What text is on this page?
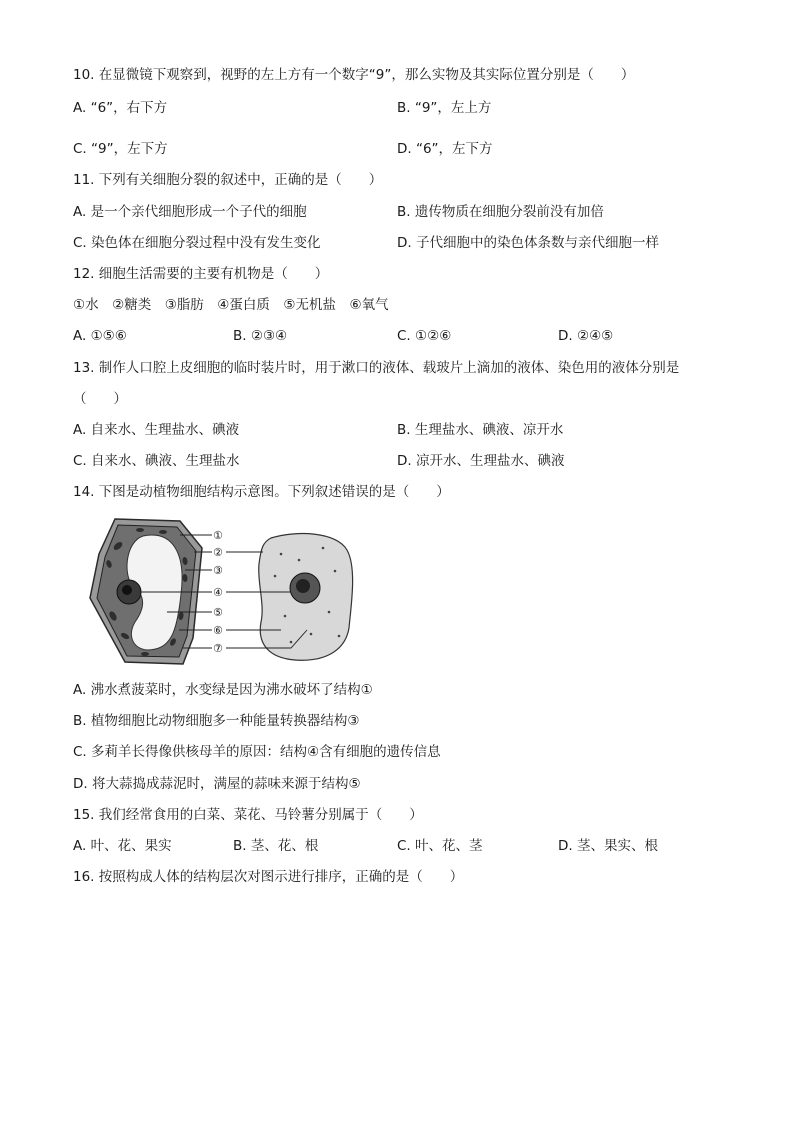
10. 在显微镜下观察到，视野的左上方有一个数字“9”，那么实物及其实际位置分别是（　　）
A. “6”，右下方	B. “9”，左上方
C. “9”，左下方	D. “6”，左下方
11. 下列有关细胞分裂的叙述中，正确的是（　　）
A. 是一个亲代细胞形成一个子代的细胞	B. 遗传物质在细胞分裂前没有加倍
C. 染色体在细胞分裂过程中没有发生变化	D. 子代细胞中的染色体条数与亲代细胞一样
12. 细胞生活需要的主要有机物是（　　）
①水　②糖类　③脂肪　④蛋白质　⑤无机盐　⑥氧气
A. ①⑤⑥	B. ②③④	C. ①②⑥	D. ②④⑤
13. 制作人口腔上皮细胞的临时装片时，用于漱口的液体、载玻片上滴加的液体、染色用的液体分别是
（　　）
A. 自来水、生理盐水、碘液	B. 生理盐水、碘液、凉开水
C. 自来水、碘液、生理盐水	D. 凉开水、生理盐水、碘液
14. 下图是动植物细胞结构示意图。下列叙述错误的是（　　）
①
②
③
④
⑤
⑥
⑦
A. 沸水煮菠菜时，水变绿是因为沸水破坏了结构①
B. 植物细胞比动物细胞多一种能量转换器结构③
C. 多莉羊长得像供核母羊的原因：结构④含有细胞的遗传信息
D. 将大蒜捣成蒜泥时，满屋的蒜味来源于结构⑤
15. 我们经常食用的白菜、菜花、马铃薯分别属于（　　）
A. 叶、花、果实	B. 茎、花、根	C. 叶、花、茎	D. 茎、果实、根
16. 按照构成人体的结构层次对图示进行排序，正确的是（　　）
